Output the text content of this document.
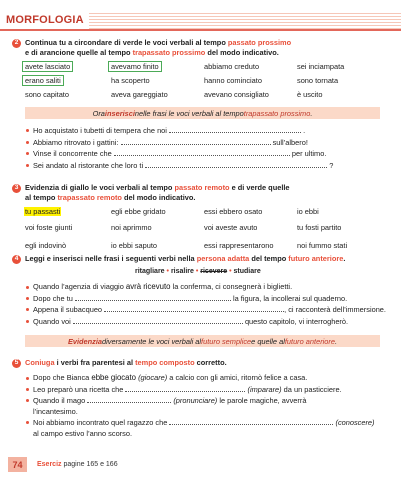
MORFOLOGIA
2 Continua tu a circondare di verde le voci verbali al tempo passato prossimo
e di arancione quelle al tempo trapassato prossimo del modo indicativo.
avete lasciato	avevamo finito	abbiamo creduto	sei inciampata
erano saliti	ha scoperto	hanno cominciato	sono tornata
sono capitato	aveva gareggiato	avevano consigliato	è uscito
Ora inserisci nelle frasi le voci verbali al tempo trapassato prossimo .
Ho acquistato i tubetti di tempera che noi	.
Abbiamo ritrovato i gattini:	sull’albero!
Vinse il concorrente che	per ultimo.
Sei andato al ristorante che loro ti	?
3 Evidenzia di giallo le voci verbali al tempo passato remoto e di verde quelle
al tempo trapassato remoto del modo indicativo.
tu passasti	egli ebbe gridato	essi ebbero osato	io ebbi
voi foste giunti	noi aprimmo	voi aveste avuto	tu fosti partito
egli indovinò	io ebbi saputo	essi rappresentarono	noi fummo stati
4 Leggi e inserisci nelle frasi i seguenti verbi nella persona adatta del tempo futuro anteriore.
ritagliare • risalire • ricevere • studiare
Quando l’agenzia di viaggio avrà ricevuto la conferma, ci consegnerà i biglietti.
Dopo che tu	la figura, la incollerai sul quaderno.
Appena il subacqueo	, ci racconterà dell’immersione.
Quando voi	questo capitolo, vi interrogherò.
Evidenzia diversamente le voci verbali al futuro semplice e quelle al futuro anteriore .
5 Coniuga i verbi fra parentesi al tempo composto corretto.
Dopo che Bianca ebbe giocato (giocare) a calcio con gli amici, ritornò felice a casa.
Leo preparò una ricetta che	(imparare) da un pasticciere.
Quando il mago	(pronunciare) le parole magiche, avverrà
l’incantesimo.
Noi abbiamo incontrato quel ragazzo che	(conoscere)
al campo estivo l’anno scorso.
74	Eserciz pagine 165 e 166
